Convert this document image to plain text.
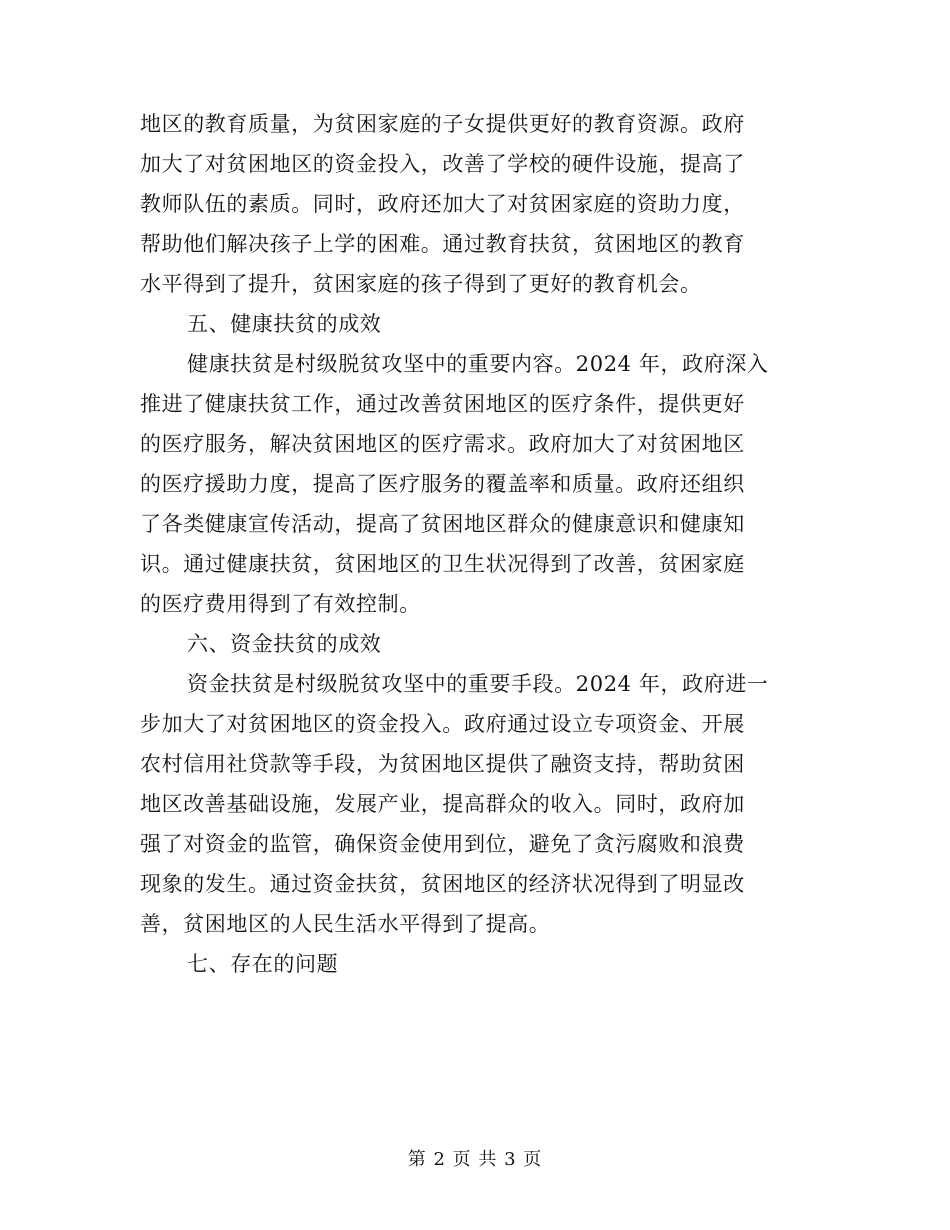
地区的教育质量，为贫困家庭的子女提供更好的教育资源。政府
加大了对贫困地区的资金投入，改善了学校的硬件设施，提高了
教师队伍的素质。同时，政府还加大了对贫困家庭的资助力度，
帮助他们解决孩子上学的困难。通过教育扶贫，贫困地区的教育
水平得到了提升，贫困家庭的孩子得到了更好的教育机会。
五、健康扶贫的成效
健康扶贫是村级脱贫攻坚中的重要内容。2024 年，政府深入
推进了健康扶贫工作，通过改善贫困地区的医疗条件，提供更好
的医疗服务，解决贫困地区的医疗需求。政府加大了对贫困地区
的医疗援助力度，提高了医疗服务的覆盖率和质量。政府还组织
了各类健康宣传活动，提高了贫困地区群众的健康意识和健康知
识。通过健康扶贫，贫困地区的卫生状况得到了改善，贫困家庭
的医疗费用得到了有效控制。
六、资金扶贫的成效
资金扶贫是村级脱贫攻坚中的重要手段。2024 年，政府进一
步加大了对贫困地区的资金投入。政府通过设立专项资金、开展
农村信用社贷款等手段，为贫困地区提供了融资支持，帮助贫困
地区改善基础设施，发展产业，提高群众的收入。同时，政府加
强了对资金的监管，确保资金使用到位，避免了贪污腐败和浪费
现象的发生。通过资金扶贫，贫困地区的经济状况得到了明显改
善，贫困地区的人民生活水平得到了提高。
七、存在的问题
第 2 页 共 3 页
